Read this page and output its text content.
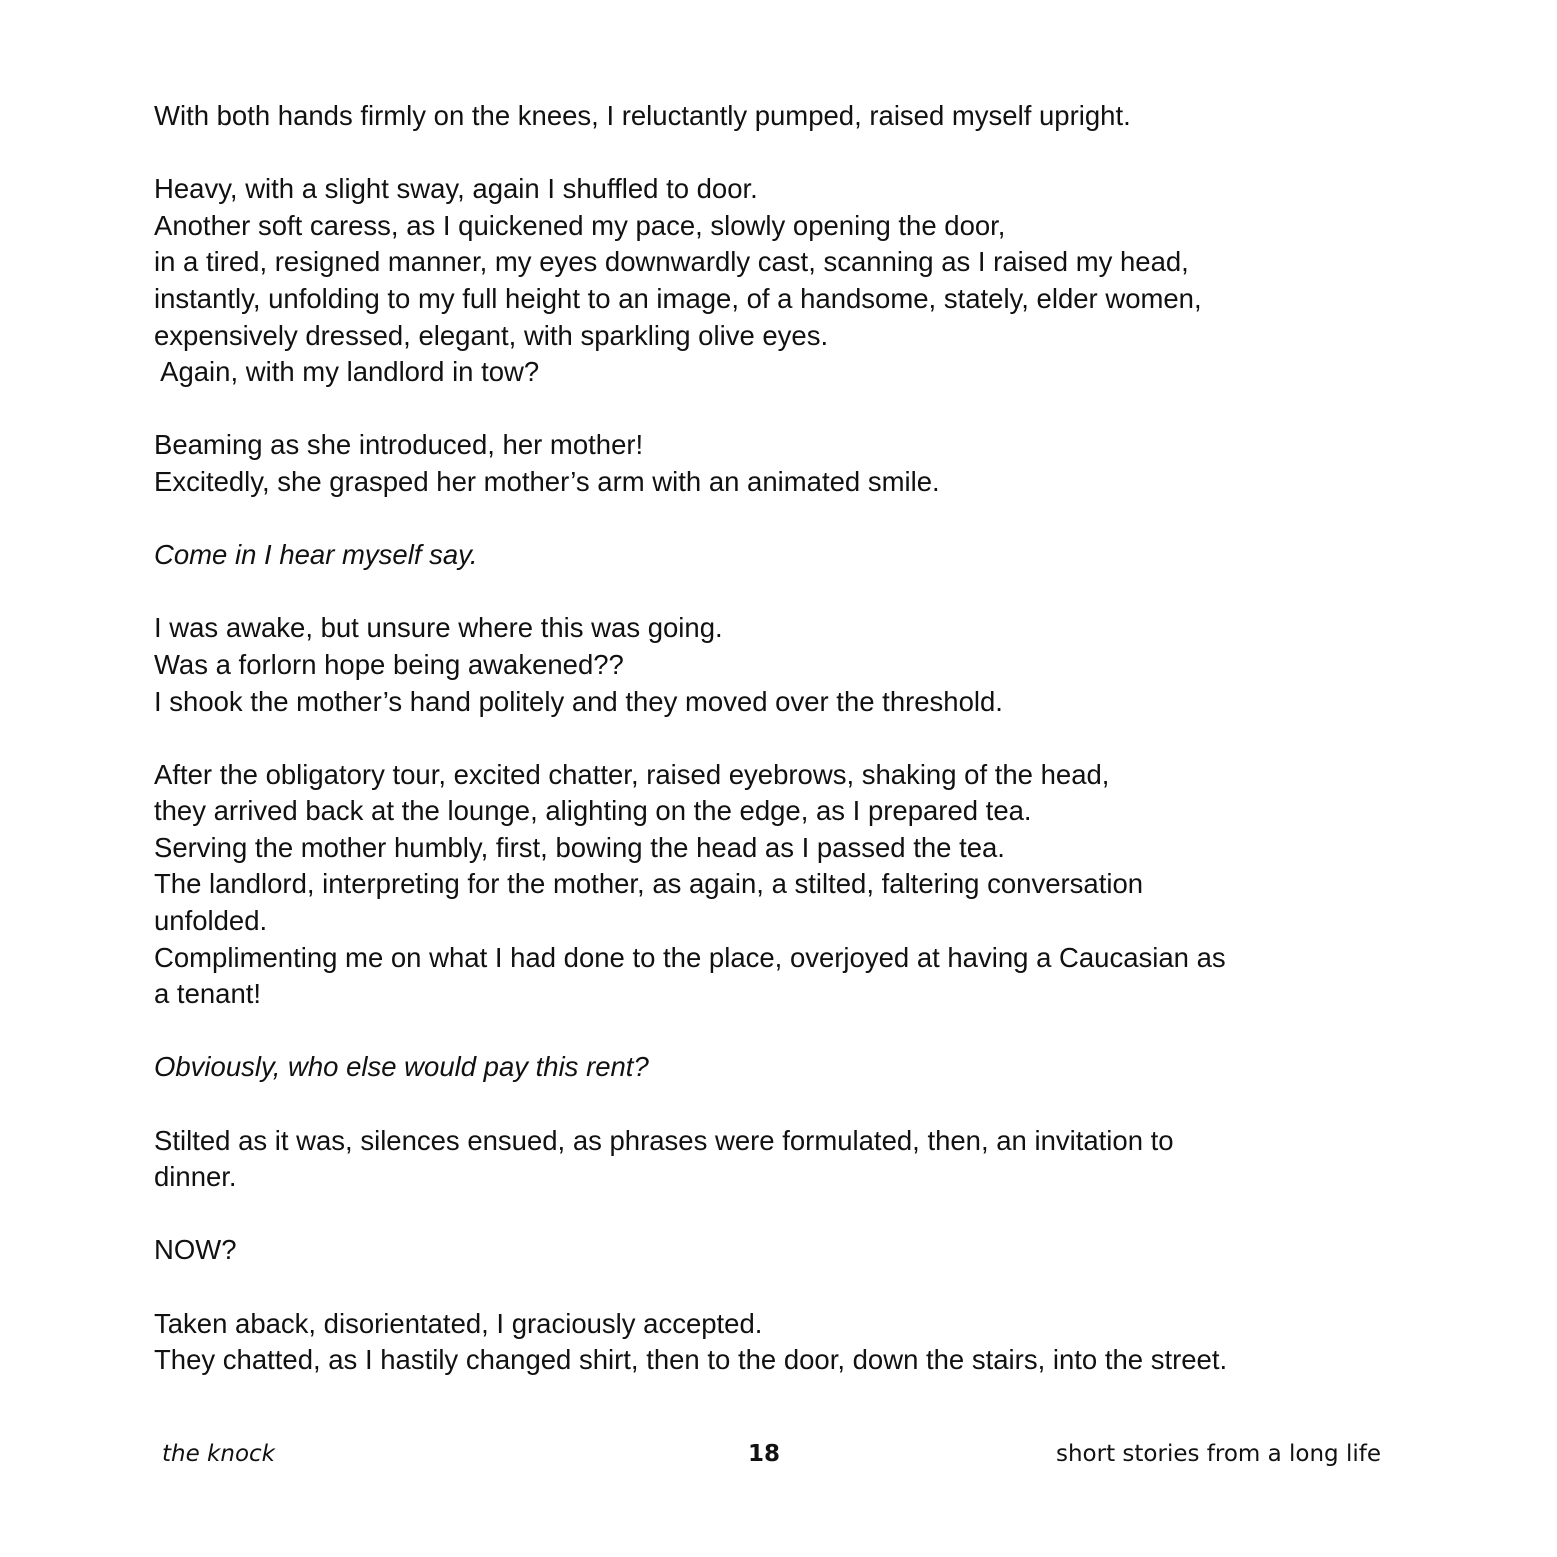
With both hands firmly on the knees, I reluctantly pumped, raised myself upright.
Heavy, with a slight sway, again I shuffled to door.
Another soft caress, as I quickened my pace, slowly opening the door,
in a tired, resigned manner, my eyes downwardly cast, scanning as I raised my head,
instantly, unfolding to my full height to an image, of a handsome, stately, elder women,
expensively dressed, elegant, with sparkling olive eyes.
Again, with my landlord in tow?
Beaming as she introduced, her mother!
Excitedly, she grasped her mother’s arm with an animated smile.
Come in I hear myself say.
I was awake, but unsure where this was going.
Was a forlorn hope being awakened??
I shook the mother’s hand politely and they moved over the threshold.
After the obligatory tour, excited chatter, raised eyebrows, shaking of the head,
they arrived back at the lounge, alighting on the edge, as I prepared tea.
Serving the mother humbly, first, bowing the head as I passed the tea.
The landlord, interpreting for the mother, as again, a stilted, faltering conversation
unfolded.
Complimenting me on what I had done to the place, overjoyed at having a Caucasian as
a tenant!
Obviously, who else would pay this rent?
Stilted as it was, silences ensued, as phrases were formulated, then, an invitation to
dinner.
NOW?
Taken aback, disorientated, I graciously accepted.
They chatted, as I hastily changed shirt, then to the door, down the stairs, into the street.
the knock	18	short stories from a long life
